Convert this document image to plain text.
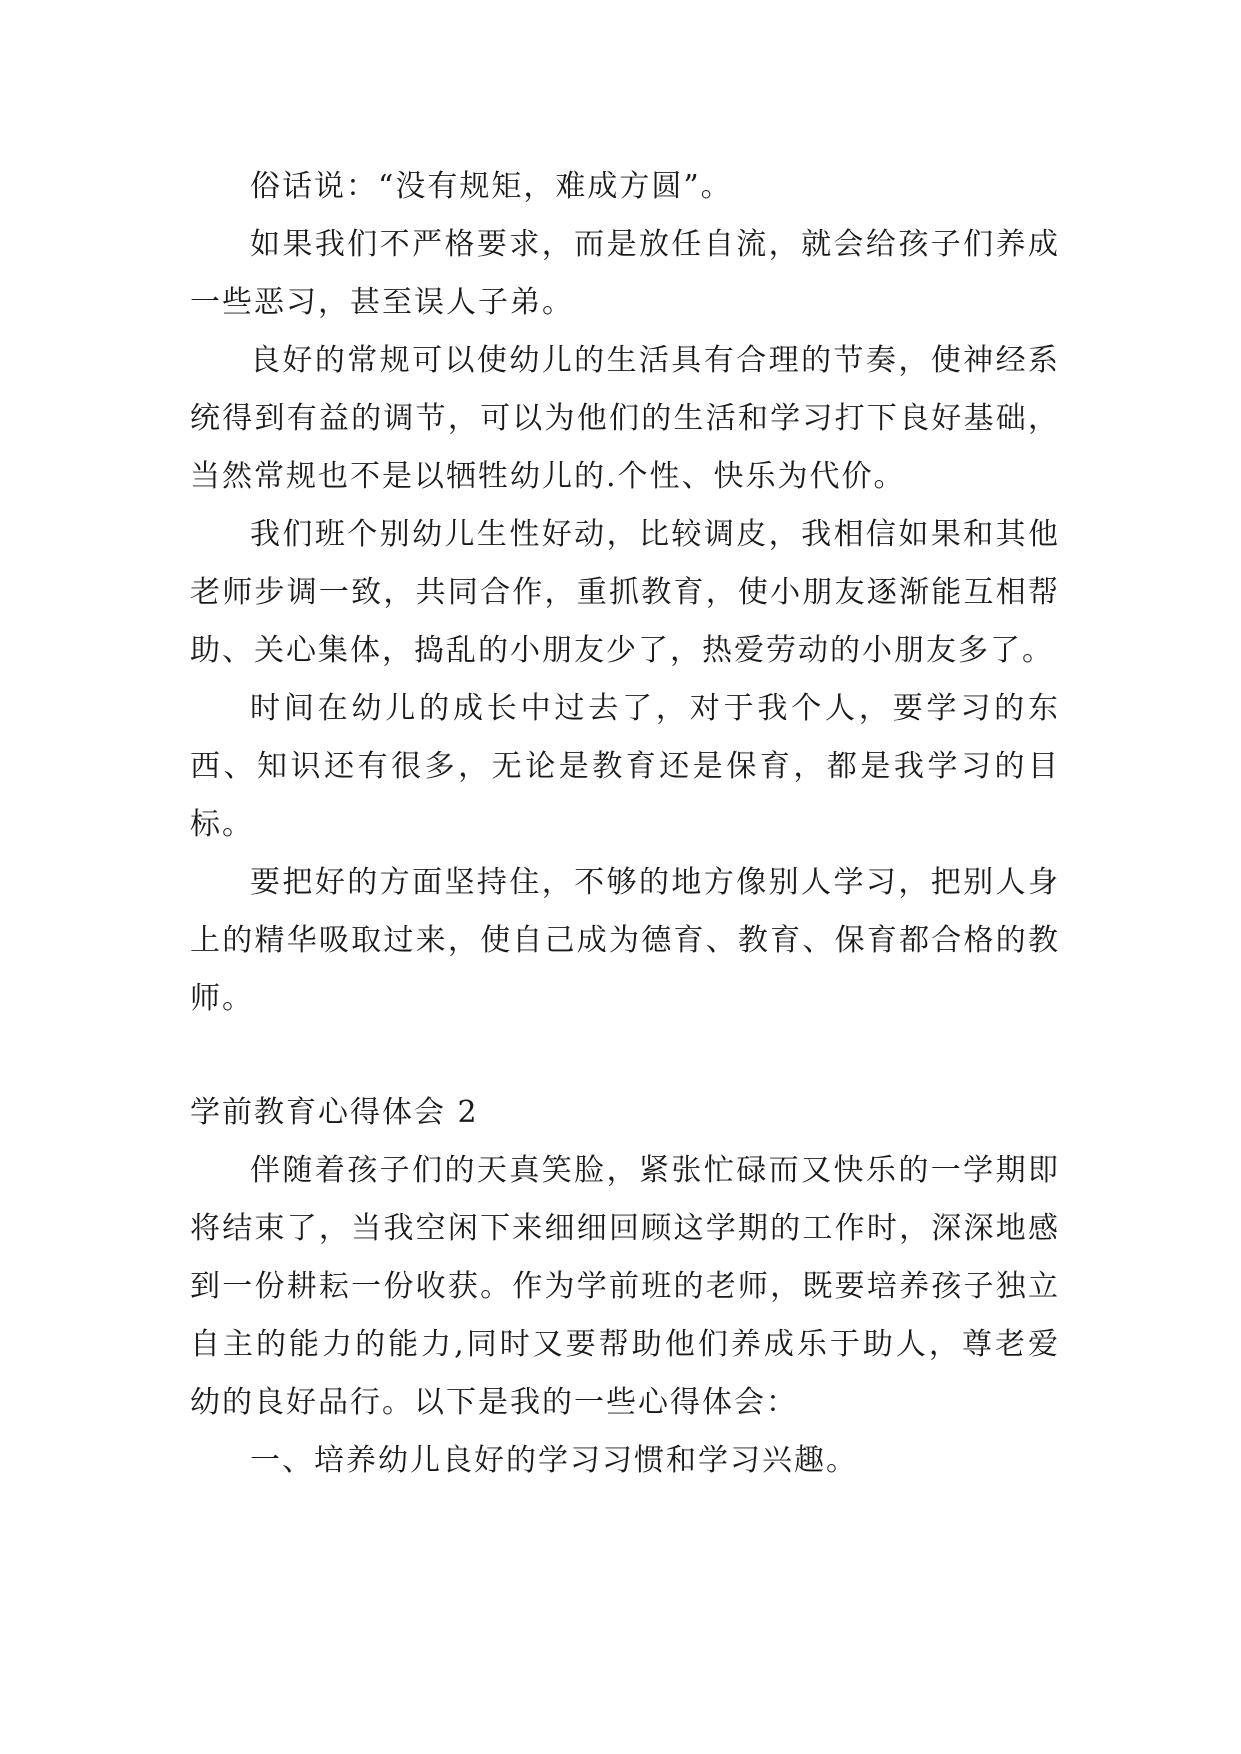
俗话说：“没有规矩，难成方圆”。

如果我们不严格要求，而是放任自流，就会给孩子们养成一些恶习，甚至误人子弟。

良好的常规可以使幼儿的生活具有合理的节奏，使神经系统得到有益的调节，可以为他们的生活和学习打下良好基础，当然常规也不是以牺牲幼儿的.个性、快乐为代价。

我们班个别幼儿生性好动，比较调皮，我相信如果和其他老师步调一致，共同合作，重抓教育，使小朋友逐渐能互相帮助、关心集体，捣乱的小朋友少了，热爱劳动的小朋友多了。

时间在幼儿的成长中过去了，对于我个人，要学习的东西、知识还有很多，无论是教育还是保育，都是我学习的目标。

要把好的方面坚持住，不够的地方像别人学习，把别人身上的精华吸取过来，使自己成为德育、教育、保育都合格的教师。

学前教育心得体会 2

伴随着孩子们的天真笑脸，紧张忙碌而又快乐的一学期即将结束了，当我空闲下来细细回顾这学期的工作时，深深地感到一份耕耘一份收获。作为学前班的老师，既要培养孩子独立自主的能力的能力,同时又要帮助他们养成乐于助人，尊老爱幼的良好品行。以下是我的一些心得体会：

一、培养幼儿良好的学习习惯和学习兴趣。
